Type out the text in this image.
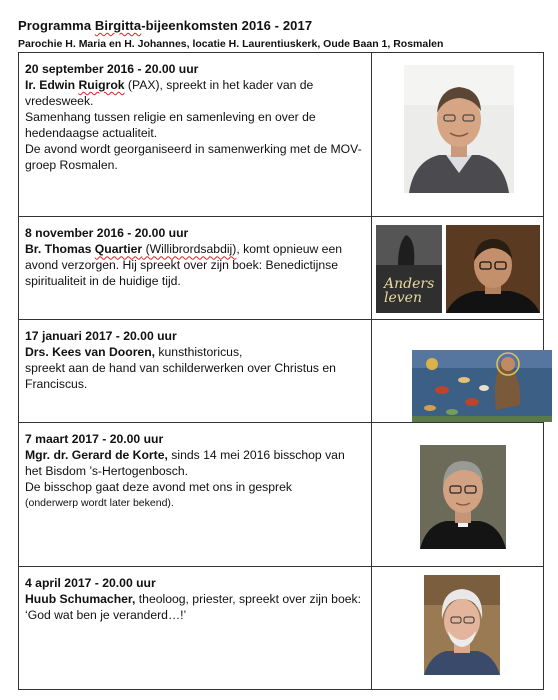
Programma Birgitta-bijeenkomsten 2016 - 2017
Parochie H. Maria en H. Johannes, locatie H. Laurentiuskerk, Oude Baan 1, Rosmalen
20 september 2016 - 20.00 uur
Ir. Edwin Ruigrok (PAX), spreekt in het kader van de vredesweek.
Samenhang tussen religie en samenleving en over de hedendaagse actualiteit.
De avond wordt georganiseerd in samenwerking met de MOV-groep Rosmalen.

8 november 2016 - 20.00 uur
Br. Thomas Quartier (Willibrordsabdij), komt opnieuw een avond verzorgen. Hij spreekt over zijn boek: Benedictijnse spiritualiteit in de huidige tijd.	Anders leven

17 januari 2017 - 20.00 uur
Drs. Kees van Dooren, kunsthistoricus,
spreekt aan de hand van schilderwerken over Christus en Franciscus.

7 maart 2017 - 20.00 uur
Mgr. dr. Gerard de Korte, sinds 14 mei 2016 bisschop van het Bisdom ’s-Hertogenbosch.
De bisschop gaat deze avond met ons in gesprek
(onderwerp wordt later bekend).

4 april 2017 - 20.00 uur
Huub Schumacher, theoloog, priester, spreekt over zijn boek:
‘God wat ben je veranderd…!’
